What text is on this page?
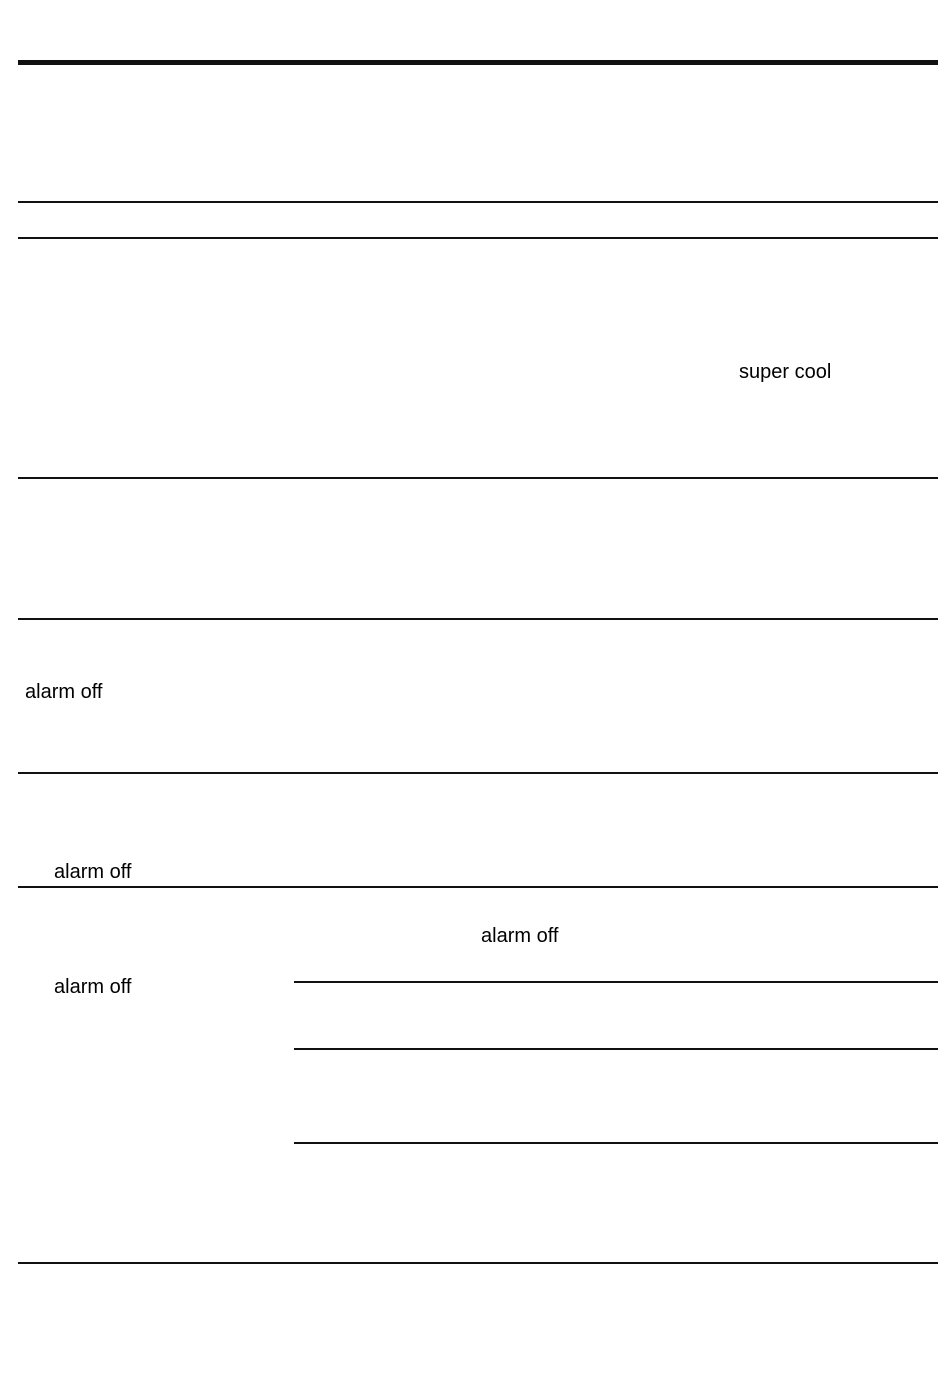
super cool
alarm off
alarm off
alarm off
alarm off
